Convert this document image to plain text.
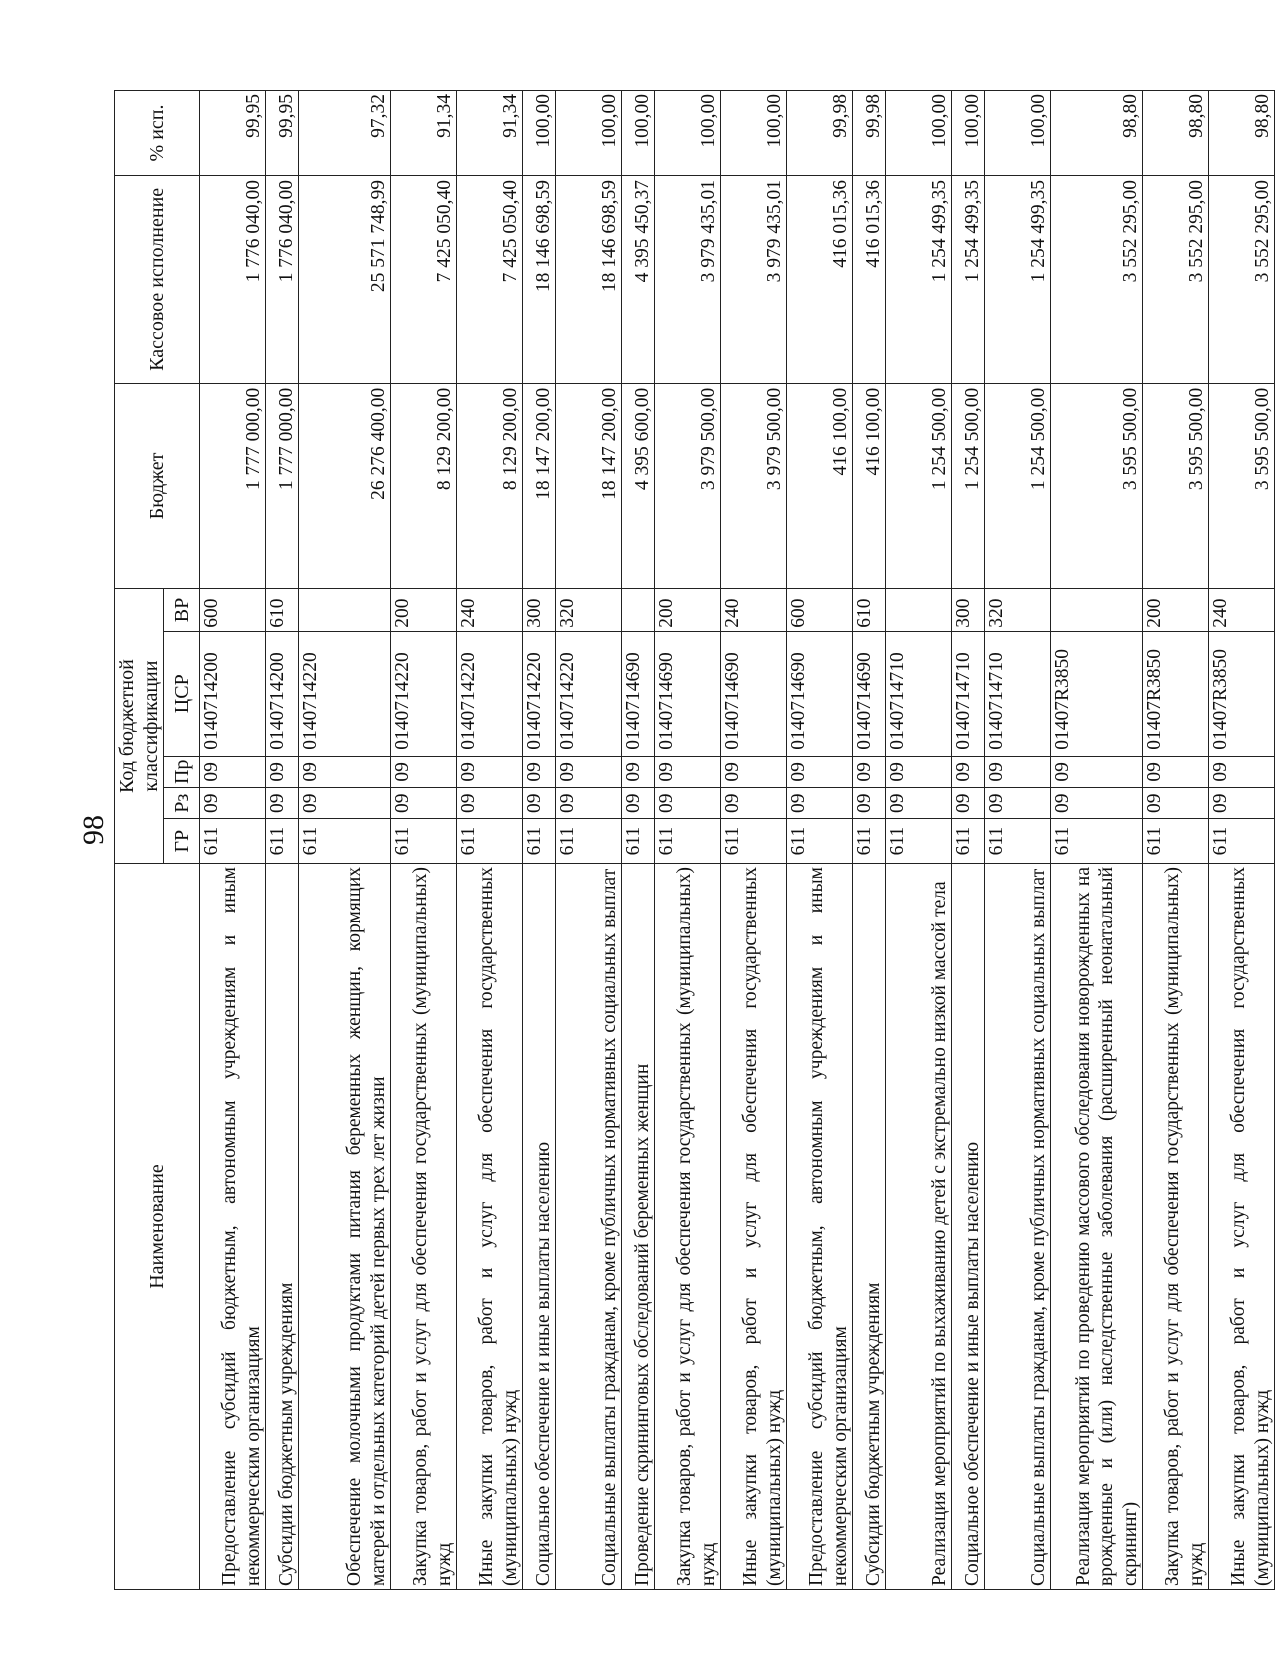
98
Наименование	Код бюджетной классификации					Бюджет	Кассовое исполнение	% исп.

	ГР	Рз	Пр	ЦСР	ВР			
Предоставление субсидий бюджетным, автономным учреждениям и иным некоммерческим организациям	611	09	09	0140714200	600	1 777 000,00	1 776 040,00	99,95
Субсидии бюджетным учреждениям	611	09	09	0140714200	610	1 777 000,00	1 776 040,00	99,95
Обеспечение молочными продуктами питания беременных женщин, кормящих матерей и отдельных категорий детей первых трех лет жизни	611	09	09	0140714220		26 276 400,00	25 571 748,99	97,32
Закупка товаров, работ и услуг для обеспечения государственных (муниципальных) нужд	611	09	09	0140714220	200	8 129 200,00	7 425 050,40	91,34
Иные закупки товаров, работ и услуг для обеспечения государственных (муниципальных) нужд	611	09	09	0140714220	240	8 129 200,00	7 425 050,40	91,34
Социальное обеспечение и иные выплаты населению	611	09	09	0140714220	300	18 147 200,00	18 146 698,59	100,00
Социальные выплаты гражданам, кроме публичных нормативных социальных выплат	611	09	09	0140714220	320	18 147 200,00	18 146 698,59	100,00
Проведение скрининговых обследований беременных женщин	611	09	09	0140714690		4 395 600,00	4 395 450,37	100,00
Закупка товаров, работ и услуг для обеспечения государственных (муниципальных) нужд	611	09	09	0140714690	200	3 979 500,00	3 979 435,01	100,00
Иные закупки товаров, работ и услуг для обеспечения государственных (муниципальных) нужд	611	09	09	0140714690	240	3 979 500,00	3 979 435,01	100,00
Предоставление субсидий бюджетным, автономным учреждениям и иным некоммерческим организациям	611	09	09	0140714690	600	416 100,00	416 015,36	99,98
Субсидии бюджетным учреждениям	611	09	09	0140714690	610	416 100,00	416 015,36	99,98
Реализация мероприятий по выхаживанию детей с экстремально низкой массой тела	611	09	09	0140714710		1 254 500,00	1 254 499,35	100,00
Социальное обеспечение и иные выплаты населению	611	09	09	0140714710	300	1 254 500,00	1 254 499,35	100,00
Социальные выплаты гражданам, кроме публичных нормативных социальных выплат	611	09	09	0140714710	320	1 254 500,00	1 254 499,35	100,00
Реализация мероприятий по проведению массового обследования новорожденных на врожденные и (или) наследственные заболевания (расширенный неонатальный скрининг)	611	09	09	01407R3850		3 595 500,00	3 552 295,00	98,80
Закупка товаров, работ и услуг для обеспечения государственных (муниципальных) нужд	611	09	09	01407R3850	200	3 595 500,00	3 552 295,00	98,80
Иные закупки товаров, работ и услуг для обеспечения государственных (муниципальных) нужд	611	09	09	01407R3850	240	3 595 500,00	3 552 295,00	98,80
